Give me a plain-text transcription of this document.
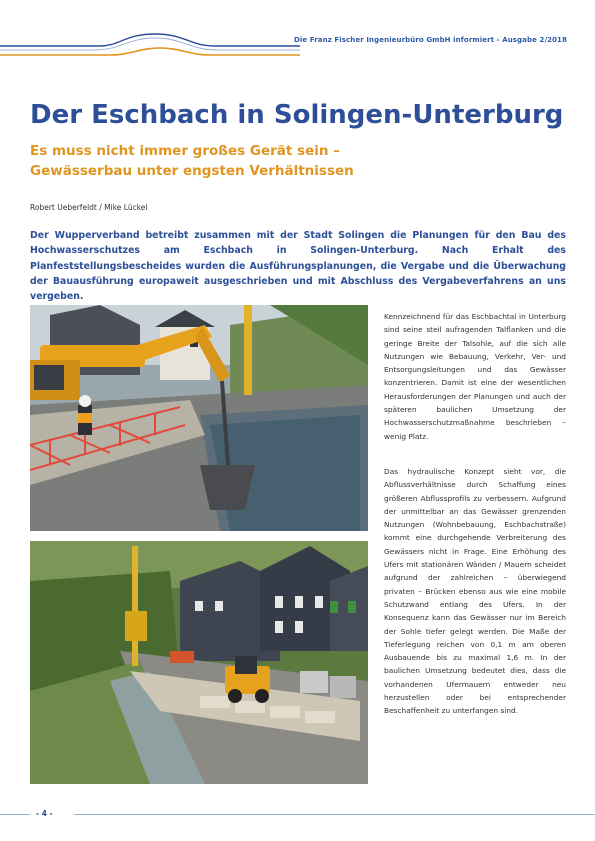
Die Franz Fischer Ingenieurbüro GmbH informiert - Ausgabe 2/2018
Der Eschbach in Solingen-Unterburg
Es muss nicht immer großes Gerät sein –
Gewässerbau unter engsten Verhältnissen
Robert Ueberfeldt / Mike Lückel

Der Wupperverband betreibt zusammen mit der Stadt Solingen die Planungen für den Bau des Hochwasserschutzes am Eschbach in Solingen-Unterburg. Nach Erhalt des Planfeststellungsbescheides wurden die Ausführungsplanungen, die Vergabe und die Überwachung der Bauausführung europaweit ausgeschrieben und mit Abschluss des Vergabeverfahrens an uns vergeben.

Kennzeichnend für das Eschbachtal in Unterburg sind seine steil aufragenden Talflanken und die geringe Breite der Talsohle, auf die sich alle Nutzungen wie Bebauung, Verkehr, Ver- und Entsorgungsleitungen und das Gewässer konzentrieren. Damit ist eine der wesentlichen Herausforderungen der Planungen und auch der späteren baulichen Umsetzung der Hochwasserschutzmaßnahme beschrieben – wenig Platz.

Das hydraulische Konzept sieht vor, die Abflussverhältnisse durch Schaffung eines größeren Abflussprofils zu verbessern. Aufgrund der unmittelbar an das Gewässer grenzenden Nutzungen (Wohnbebauung, Eschbachstraße) kommt eine durchgehende Verbreiterung des Gewässers nicht in Frage. Eine Erhöhung des Ufers mit stationären Wänden / Mauern scheidet aufgrund der zahlreichen – überwiegend privaten – Brücken ebenso aus wie eine mobile Schutzwand entlang des Ufers. In der Konsequenz kann das Gewässer nur im Bereich der Sohle tiefer gelegt werden. Die Maße der Tieferlegung reichen von 0,1 m am oberen Ausbauende bis zu maximal 1,6 m. In der baulichen Umsetzung bedeutet dies, dass die vorhandenen Ufermauern entweder neu herzustellen oder bei entsprechender Beschaffenheit zu unterfangen sind.

- 4 -
